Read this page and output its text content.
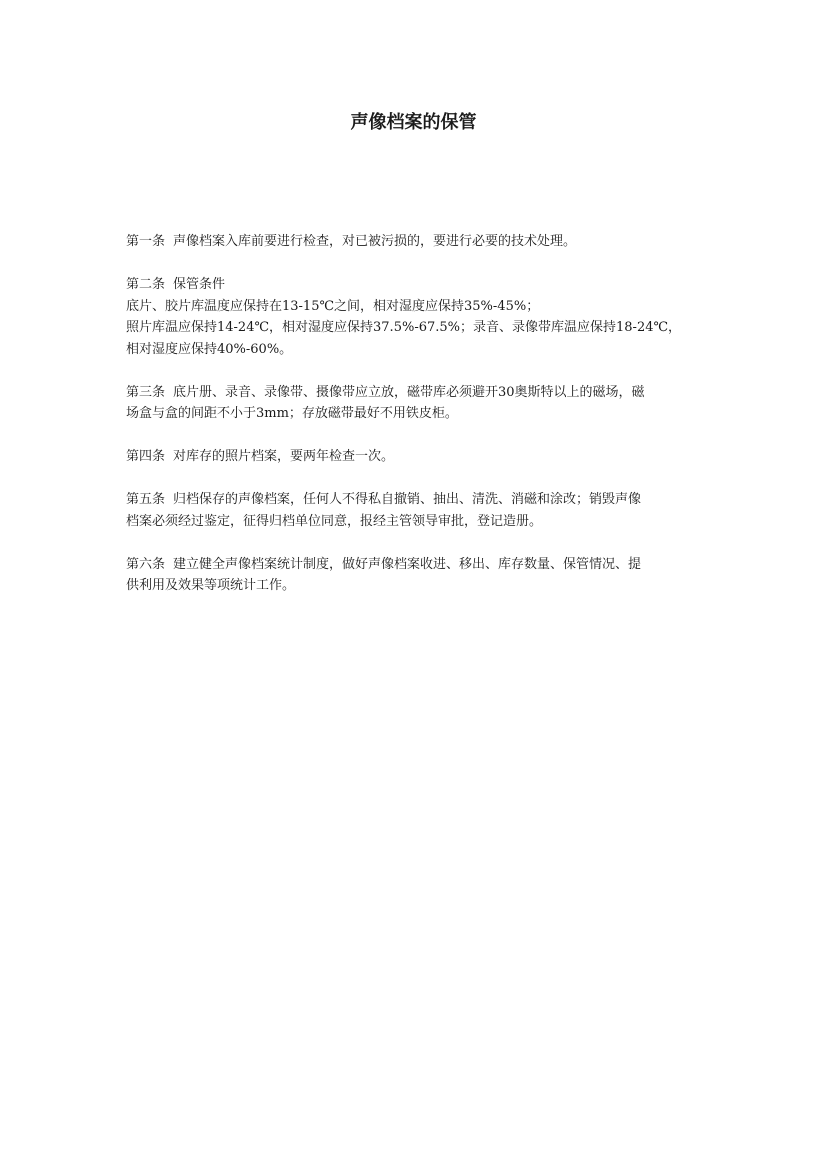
声像档案的保管
第一条 声像档案入库前要进行检查，对已被污损的，要进行必要的技术处理。
第二条 保管条件
底片、胶片库温度应保持在13-15℃之间，相对湿度应保持35%-45%；
照片库温应保持14-24℃，相对湿度应保持37.5%-67.5%；录音、录像带库温应保持18-24℃，
相对湿度应保持40%-60%。
第三条 底片册、录音、录像带、摄像带应立放，磁带库必须避开30奥斯特以上的磁场，磁
场盒与盒的间距不小于3mm；存放磁带最好不用铁皮柜。
第四条 对库存的照片档案，要两年检查一次。
第五条 归档保存的声像档案，任何人不得私自撤销、抽出、清洗、消磁和涂改；销毁声像
档案必须经过鉴定，征得归档单位同意，报经主管领导审批，登记造册。
第六条 建立健全声像档案统计制度，做好声像档案收进、移出、库存数量、保管情况、提
供利用及效果等项统计工作。
